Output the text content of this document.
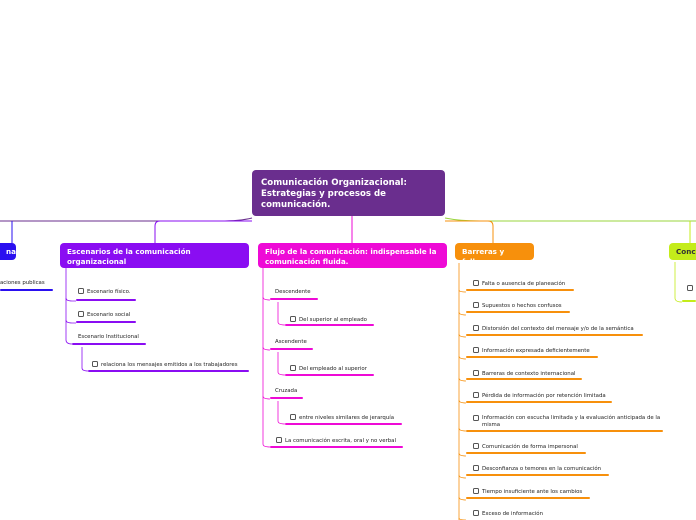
Comunicación Organizacional: Estrategias y procesos de comunicación.
na
aciones publicas
Escenarios de la comunicación organizacional
Escenario físico.
Escenario social
Escenario Institucional
relaciona los mensajes emitidos a los trabajadores
Flujo de la comunicación: indispensable la comunicación fluida.
Descendente
Del superior al empleado
Ascendente
Del empleado al superior
Cruzada
entre niveles similares de jerarquía
La comunicación escrita, oral y no verbal
Barreras y fallas
Falta o ausencia de planeación
Supuestos o hechos confusos
Distorsión del contexto del mensaje y/o de la semántica
Información expresada deficientemente
Barreras de contexto internacional
Pérdida de información por retención limitada
Información con escucha limitada y la evaluación anticipada de la misma
Comunicación de forma impersonal
Desconfianza o temores en la comunicación
Tiempo insuficiente ante los cambios
Exceso de información
Conc
